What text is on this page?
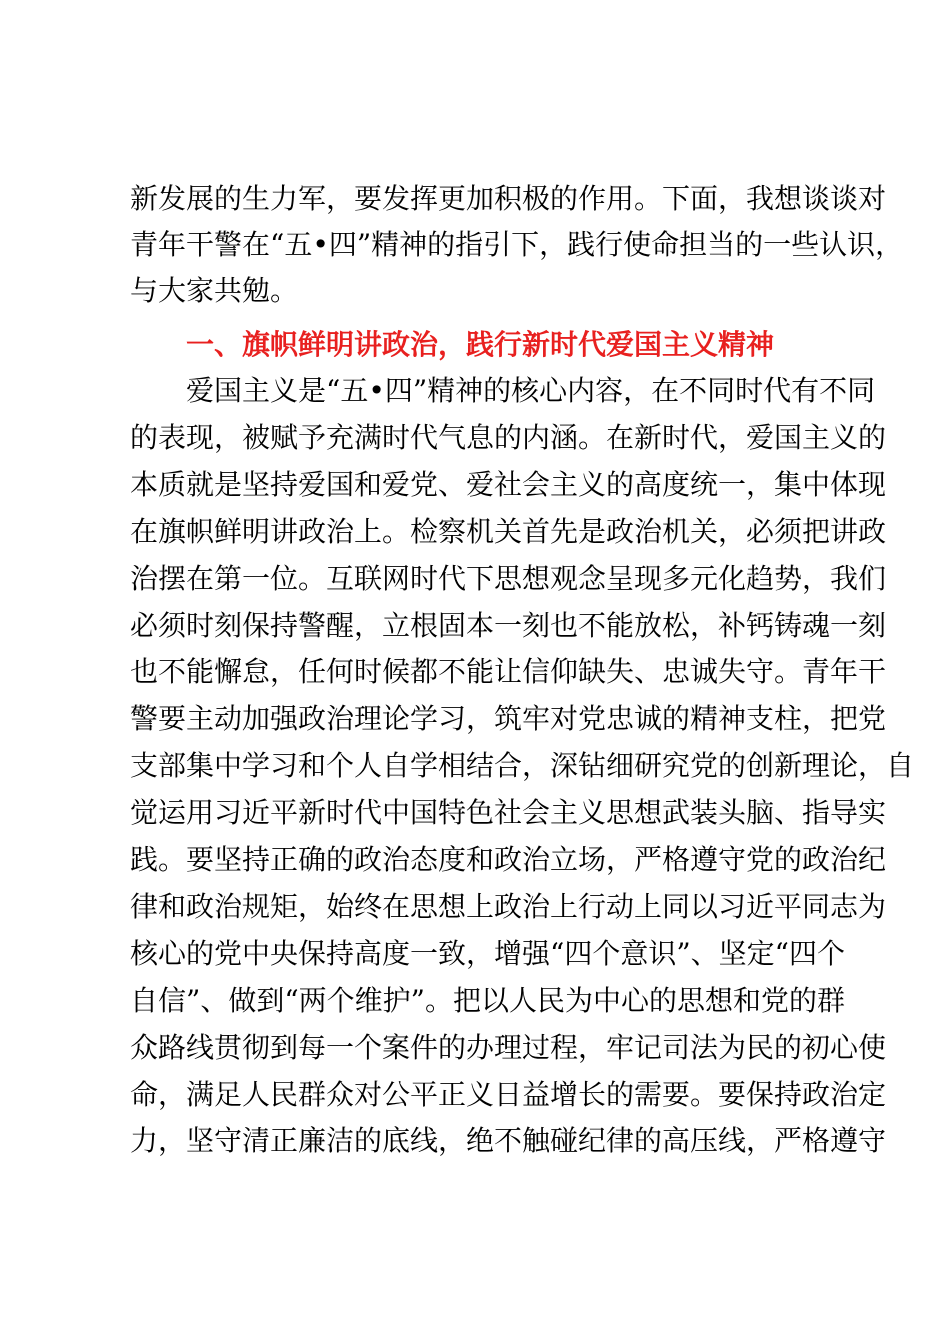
新发展的生力军，要发挥更加积极的作用。下面，我想谈谈对
青年干警在“五•四”精神的指引下，践行使命担当的一些认识，
与大家共勉。
一、旗帜鲜明讲政治，践行新时代爱国主义精神
爱国主义是“五•四”精神的核心内容，在不同时代有不同
的表现，被赋予充满时代气息的内涵。在新时代，爱国主义的
本质就是坚持爱国和爱党、爱社会主义的高度统一，集中体现
在旗帜鲜明讲政治上。检察机关首先是政治机关，必须把讲政
治摆在第一位。互联网时代下思想观念呈现多元化趋势，我们
必须时刻保持警醒，立根固本一刻也不能放松，补钙铸魂一刻
也不能懈怠，任何时候都不能让信仰缺失、忠诚失守。青年干
警要主动加强政治理论学习，筑牢对党忠诚的精神支柱，把党
支部集中学习和个人自学相结合，深钻细研究党的创新理论，自
觉运用习近平新时代中国特色社会主义思想武装头脑、指导实
践。要坚持正确的政治态度和政治立场，严格遵守党的政治纪
律和政治规矩，始终在思想上政治上行动上同以习近平同志为
核心的党中央保持高度一致，增强“四个意识”、坚定“四个
自信”、做到“两个维护”。把以人民为中心的思想和党的群
众路线贯彻到每一个案件的办理过程，牢记司法为民的初心使
命，满足人民群众对公平正义日益增长的需要。要保持政治定
力，坚守清正廉洁的底线，绝不触碰纪律的高压线，严格遵守
